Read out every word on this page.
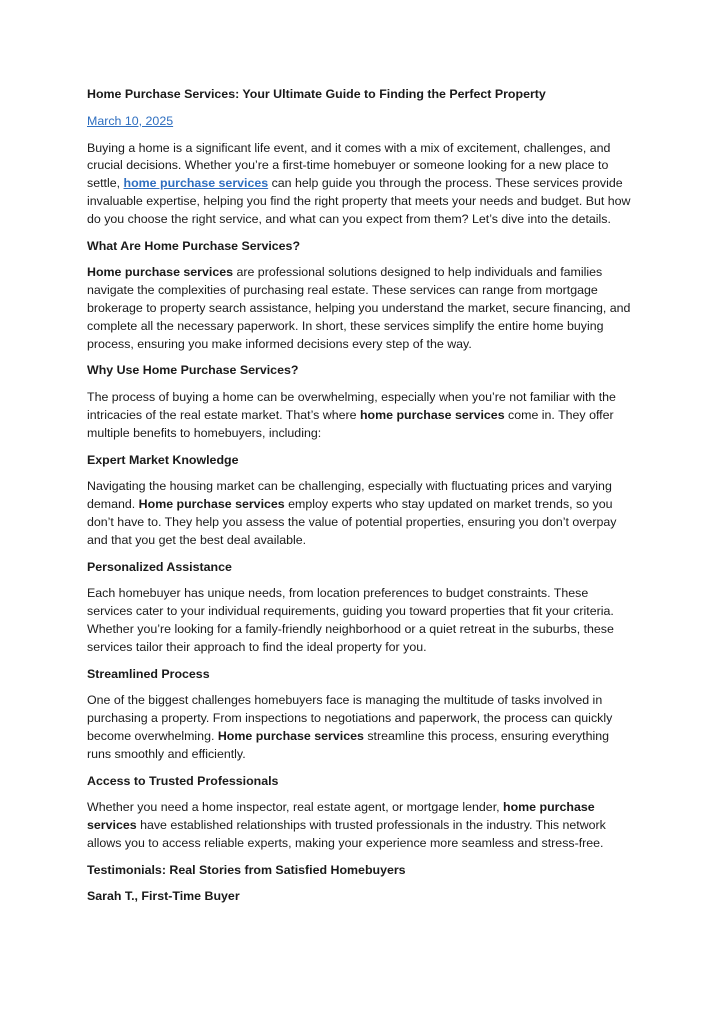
Home Purchase Services: Your Ultimate Guide to Finding the Perfect Property

March 10, 2025

Buying a home is a significant life event, and it comes with a mix of excitement, challenges, and crucial decisions. Whether you’re a first-time homebuyer or someone looking for a new place to settle, home purchase services can help guide you through the process. These services provide invaluable expertise, helping you find the right property that meets your needs and budget. But how do you choose the right service, and what can you expect from them? Let’s dive into the details.

What Are Home Purchase Services?

Home purchase services are professional solutions designed to help individuals and families navigate the complexities of purchasing real estate. These services can range from mortgage brokerage to property search assistance, helping you understand the market, secure financing, and complete all the necessary paperwork. In short, these services simplify the entire home buying process, ensuring you make informed decisions every step of the way.

Why Use Home Purchase Services?

The process of buying a home can be overwhelming, especially when you’re not familiar with the intricacies of the real estate market. That’s where home purchase services come in. They offer multiple benefits to homebuyers, including:

Expert Market Knowledge

Navigating the housing market can be challenging, especially with fluctuating prices and varying demand. Home purchase services employ experts who stay updated on market trends, so you don’t have to. They help you assess the value of potential properties, ensuring you don’t overpay and that you get the best deal available.

Personalized Assistance

Each homebuyer has unique needs, from location preferences to budget constraints. These services cater to your individual requirements, guiding you toward properties that fit your criteria. Whether you’re looking for a family-friendly neighborhood or a quiet retreat in the suburbs, these services tailor their approach to find the ideal property for you.

Streamlined Process

One of the biggest challenges homebuyers face is managing the multitude of tasks involved in purchasing a property. From inspections to negotiations and paperwork, the process can quickly become overwhelming. Home purchase services streamline this process, ensuring everything runs smoothly and efficiently.

Access to Trusted Professionals

Whether you need a home inspector, real estate agent, or mortgage lender, home purchase services have established relationships with trusted professionals in the industry. This network allows you to access reliable experts, making your experience more seamless and stress-free.

Testimonials: Real Stories from Satisfied Homebuyers

Sarah T., First-Time Buyer
